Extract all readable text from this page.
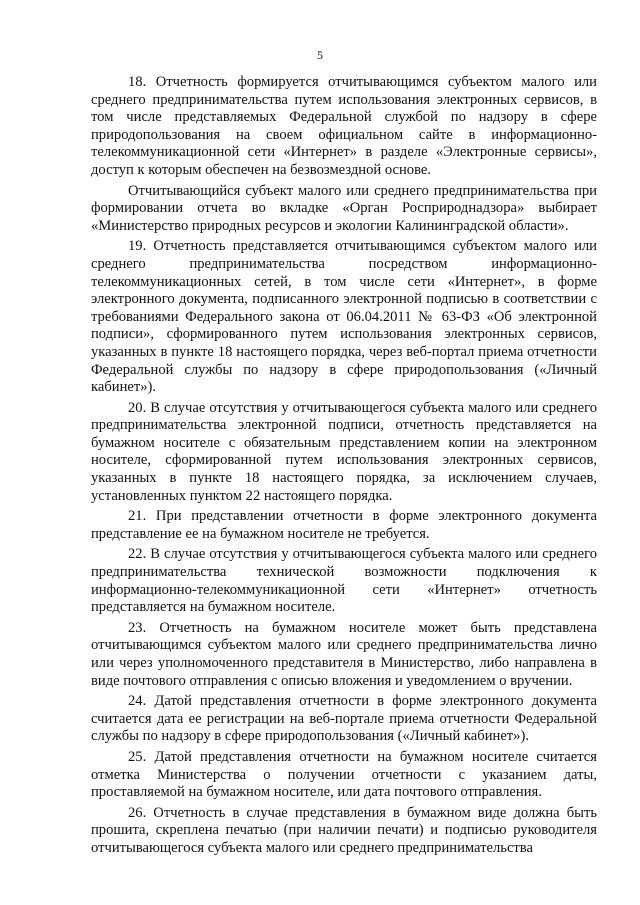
5

18. Отчетность формируется отчитывающимся субъектом малого или среднего предпринимательства путем использования электронных сервисов, в том числе представляемых Федеральной службой по надзору в сфере природопользования на своем официальном сайте в информационно-телекоммуникационной сети «Интернет» в разделе «Электронные сервисы», доступ к которым обеспечен на безвозмездной основе.

Отчитывающийся субъект малого или среднего предпринимательства при формировании отчета во вкладке «Орган Росприроднадзора» выбирает «Министерство природных ресурсов и экологии Калининградской области».

19. Отчетность представляется отчитывающимся субъектом малого или среднего предпринимательства посредством информационно-телекоммуникационных сетей, в том числе сети «Интернет», в форме электронного документа, подписанного электронной подписью в соответствии с требованиями Федерального закона от 06.04.2011 № 63-ФЗ «Об электронной подписи», сформированного путем использования электронных сервисов, указанных в пункте 18 настоящего порядка, через веб-портал приема отчетности Федеральной службы по надзору в сфере природопользования («Личный кабинет»).

20. В случае отсутствия у отчитывающегося субъекта малого или среднего предпринимательства электронной подписи, отчетность представляется на бумажном носителе с обязательным представлением копии на электронном носителе, сформированной путем использования электронных сервисов, указанных в пункте 18 настоящего порядка, за исключением случаев, установленных пунктом 22 настоящего порядка.

21. При представлении отчетности в форме электронного документа представление ее на бумажном носителе не требуется.

22. В случае отсутствия у отчитывающегося субъекта малого или среднего предпринимательства технической возможности подключения к информационно-телекоммуникационной сети «Интернет» отчетность представляется на бумажном носителе.

23. Отчетность на бумажном носителе может быть представлена отчитывающимся субъектом малого или среднего предпринимательства лично или через уполномоченного представителя в Министерство, либо направлена в виде почтового отправления с описью вложения и уведомлением о вручении.

24. Датой представления отчетности в форме электронного документа считается дата ее регистрации на веб-портале приема отчетности Федеральной службы по надзору в сфере природопользования («Личный кабинет»).

25. Датой представления отчетности на бумажном носителе считается отметка Министерства о получении отчетности с указанием даты, проставляемой на бумажном носителе, или дата почтового отправления.

26. Отчетность в случае представления в бумажном виде должна быть прошита, скреплена печатью (при наличии печати) и подписью руководителя отчитывающегося субъекта малого или среднего предпринимательства
